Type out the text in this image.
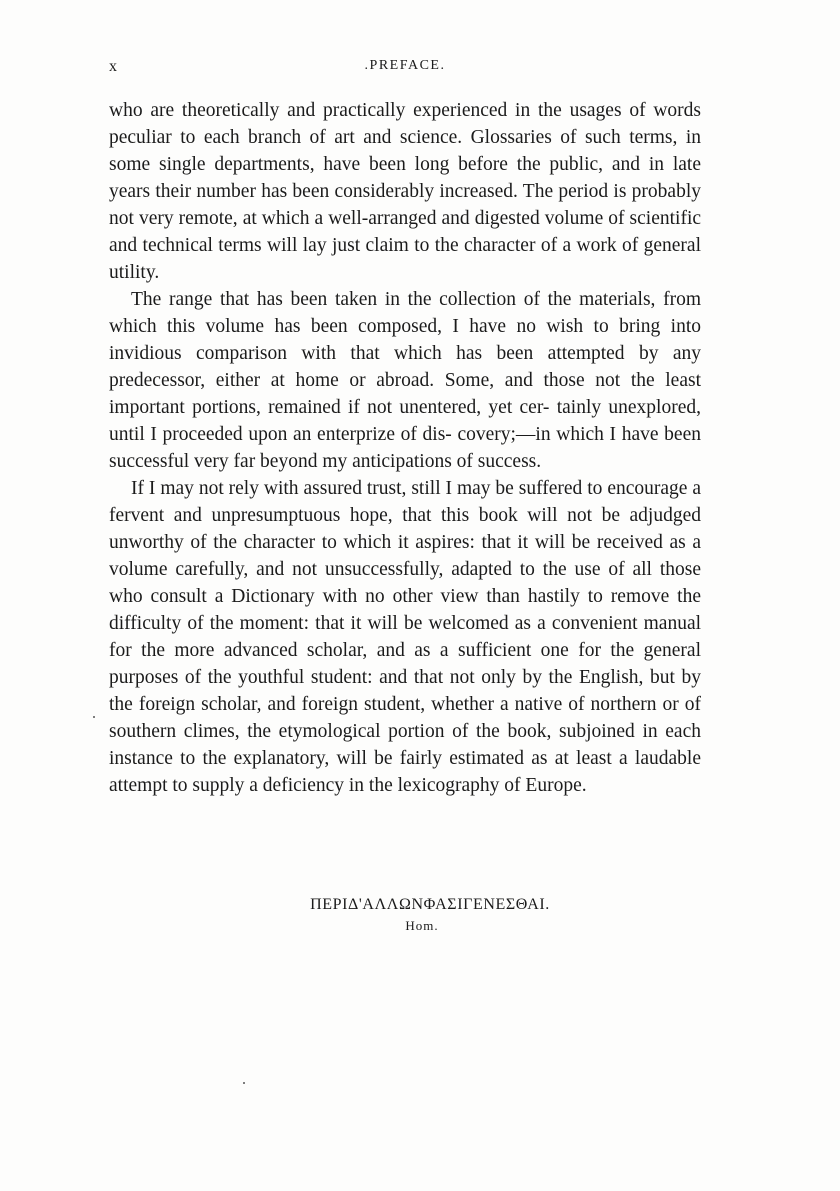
x	.PREFACE.

who are theoretically and practically experienced in the usages of words peculiar to each branch of art and science. Glossaries of such terms, in some single departments, have been long before the public, and in late years their number has been considerably increased. The period is probably not very remote, at which a well-arranged and digested volume of scientific and technical terms will lay just claim to the character of a work of general utility.

The range that has been taken in the collection of the materials, from which this volume has been composed, I have no wish to bring into invidious comparison with that which has been attempted by any predecessor, either at home or abroad. Some, and those not the least important portions, remained if not unentered, yet cer- tainly unexplored, until I proceeded upon an enterprize of dis- covery;—in which I have been successful very far beyond my anticipations of success.

If I may not rely with assured trust, still I may be suffered to encourage a fervent and unpresumptuous hope, that this book will not be adjudged unworthy of the character to which it aspires: that it will be received as a volume carefully, and not unsuccessfully, adapted to the use of all those who consult a Dictionary with no other view than hastily to remove the difficulty of the moment: that it will be welcomed as a convenient manual for the more advanced scholar, and as a sufficient one for the general purposes of the youthful student: and that not only by the English, but by the foreign scholar, and foreign student, whether a native of northern or of southern climes, the etymological portion of the book, subjoined in each instance to the explanatory, will be fairly estimated as at least a laudable attempt to supply a deficiency in the lexicography of Europe.

ΠΕΡΙΔ'ΑΛΛΩΝΦΑΣΙΓΕΝΕΣΘΑΙ.
Hom.
